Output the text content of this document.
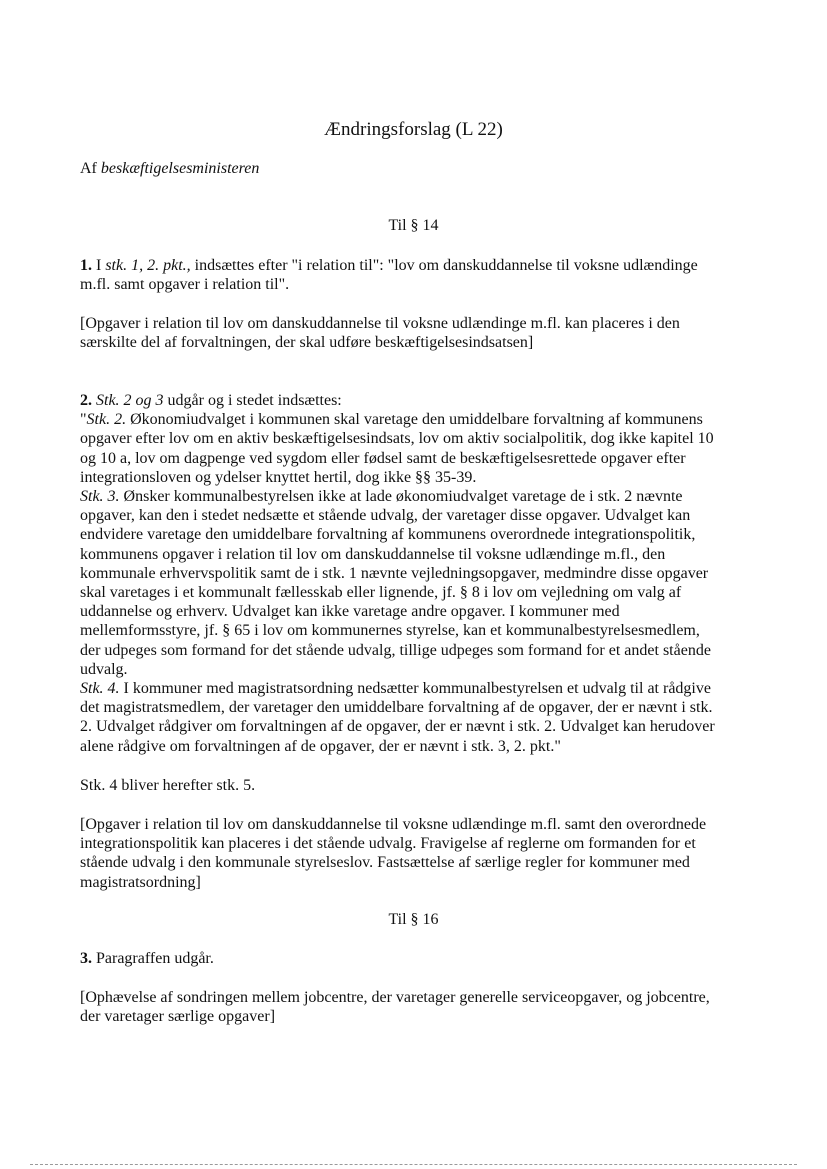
Ændringsforslag (L 22)
Af beskæftigelsesministeren
Til § 14
1. I stk. 1, 2. pkt., indsættes efter "i relation til": "lov om danskuddannelse til voksne udlændinge
m.fl. samt opgaver i relation til".
[Opgaver i relation til lov om danskuddannelse til voksne udlændinge m.fl. kan placeres i den
særskilte del af forvaltningen, der skal udføre beskæftigelsesindsatsen]
2. Stk. 2 og 3 udgår og i stedet indsættes:
"Stk. 2. Økonomiudvalget i kommunen skal varetage den umiddelbare forvaltning af kommunens
opgaver efter lov om en aktiv beskæftigelsesindsats, lov om aktiv socialpolitik, dog ikke kapitel 10
og 10 a, lov om dagpenge ved sygdom eller fødsel samt de beskæftigelsesrettede opgaver efter
integrationsloven og ydelser knyttet hertil, dog ikke §§ 35-39.
Stk. 3. Ønsker kommunalbestyrelsen ikke at lade økonomiudvalget varetage de i stk. 2 nævnte
opgaver, kan den i stedet nedsætte et stående udvalg, der varetager disse opgaver. Udvalget kan
endvidere varetage den umiddelbare forvaltning af kommunens overordnede integrationspolitik,
kommunens opgaver i relation til lov om danskuddannelse til voksne udlændinge m.fl., den
kommunale erhvervspolitik samt de i stk. 1 nævnte vejledningsopgaver, medmindre disse opgaver
skal varetages i et kommunalt fællesskab eller lignende, jf. § 8 i lov om vejledning om valg af
uddannelse og erhverv. Udvalget kan ikke varetage andre opgaver. I kommuner med
mellemformsstyre, jf. § 65 i lov om kommunernes styrelse, kan et kommunalbestyrelsesmedlem,
der udpeges som formand for det stående udvalg, tillige udpeges som formand for et andet stående
udvalg.
Stk. 4. I kommuner med magistratsordning nedsætter kommunalbestyrelsen et udvalg til at rådgive
det magistratsmedlem, der varetager den umiddelbare forvaltning af de opgaver, der er nævnt i stk.
2. Udvalget rådgiver om forvaltningen af de opgaver, der er nævnt i stk. 2. Udvalget kan herudover
alene rådgive om forvaltningen af de opgaver, der er nævnt i stk. 3, 2. pkt."
Stk. 4 bliver herefter stk. 5.
[Opgaver i relation til lov om danskuddannelse til voksne udlændinge m.fl. samt den overordnede
integrationspolitik kan placeres i det stående udvalg. Fravigelse af reglerne om formanden for et
stående udvalg i den kommunale styrelseslov. Fastsættelse af særlige regler for kommuner med
magistratsordning]
Til § 16
3. Paragraffen udgår.
[Ophævelse af sondringen mellem jobcentre, der varetager generelle serviceopgaver, og jobcentre,
der varetager særlige opgaver]
